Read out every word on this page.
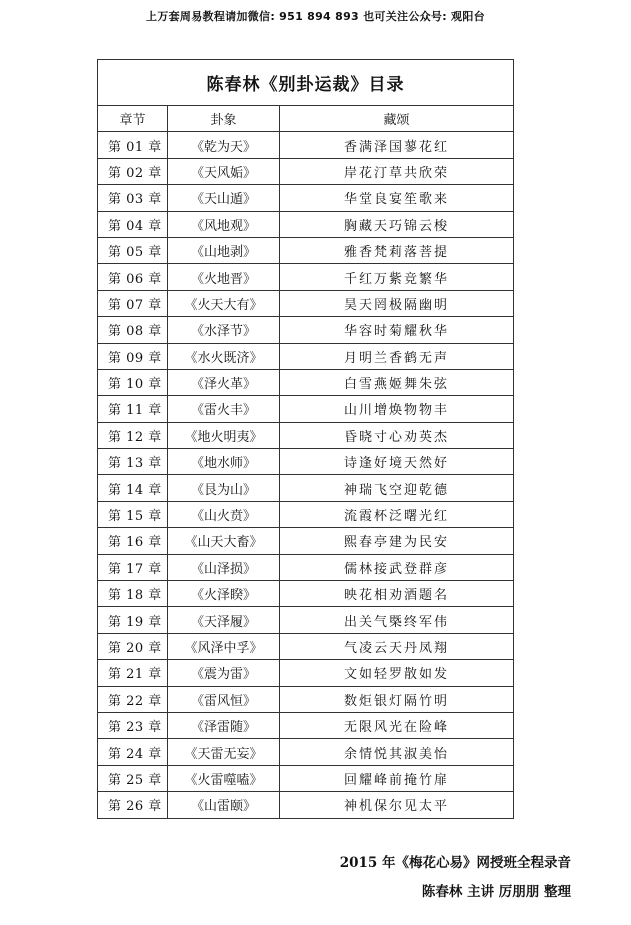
上万套周易教程请加微信: 951 894 893 也可关注公众号: 观阳台
陈春林《别卦运裁》目录		
章节	卦象	藏颂
第 01 章	《乾为天》	香满泽国蓼花红
第 02 章	《天风姤》	岸花汀草共欣荣
第 03 章	《天山遁》	华堂良宴笙歌来
第 04 章	《风地观》	胸藏天巧锦云梭
第 05 章	《山地剥》	雅香梵莉落菩提
第 06 章	《火地晋》	千红万紫竞繁华
第 07 章	《火天大有》	昊天罔极隔幽明
第 08 章	《水泽节》	华容时菊耀秋华
第 09 章	《水火既济》	月明兰香鹤无声
第 10 章	《泽火革》	白雪燕姬舞朱弦
第 11 章	《雷火丰》	山川增焕物物丰
第 12 章	《地火明夷》	昏晓寸心劝英杰
第 13 章	《地水师》	诗逢好境天然好
第 14 章	《艮为山》	神瑞飞空迎乾德
第 15 章	《山火贲》	流霞杯泛曙光红
第 16 章	《山天大畜》	熙春亭建为民安
第 17 章	《山泽损》	儒林接武登群彦
第 18 章	《火泽睽》	映花相劝酒题名
第 19 章	《天泽履》	出关气槩终军伟
第 20 章	《风泽中孚》	气凌云天丹凤翔
第 21 章	《震为雷》	文如轻罗散如发
第 22 章	《雷风恒》	数炬银灯隔竹明
第 23 章	《泽雷随》	无限风光在险峰
第 24 章	《天雷无妄》	余情悦其淑美怡
第 25 章	《火雷噬嗑》	回耀峰前掩竹扉
第 26 章	《山雷颐》	神机保尔见太平
2015 年《梅花心易》网授班全程录音
陈春林 主讲 厉朋朋 整理
